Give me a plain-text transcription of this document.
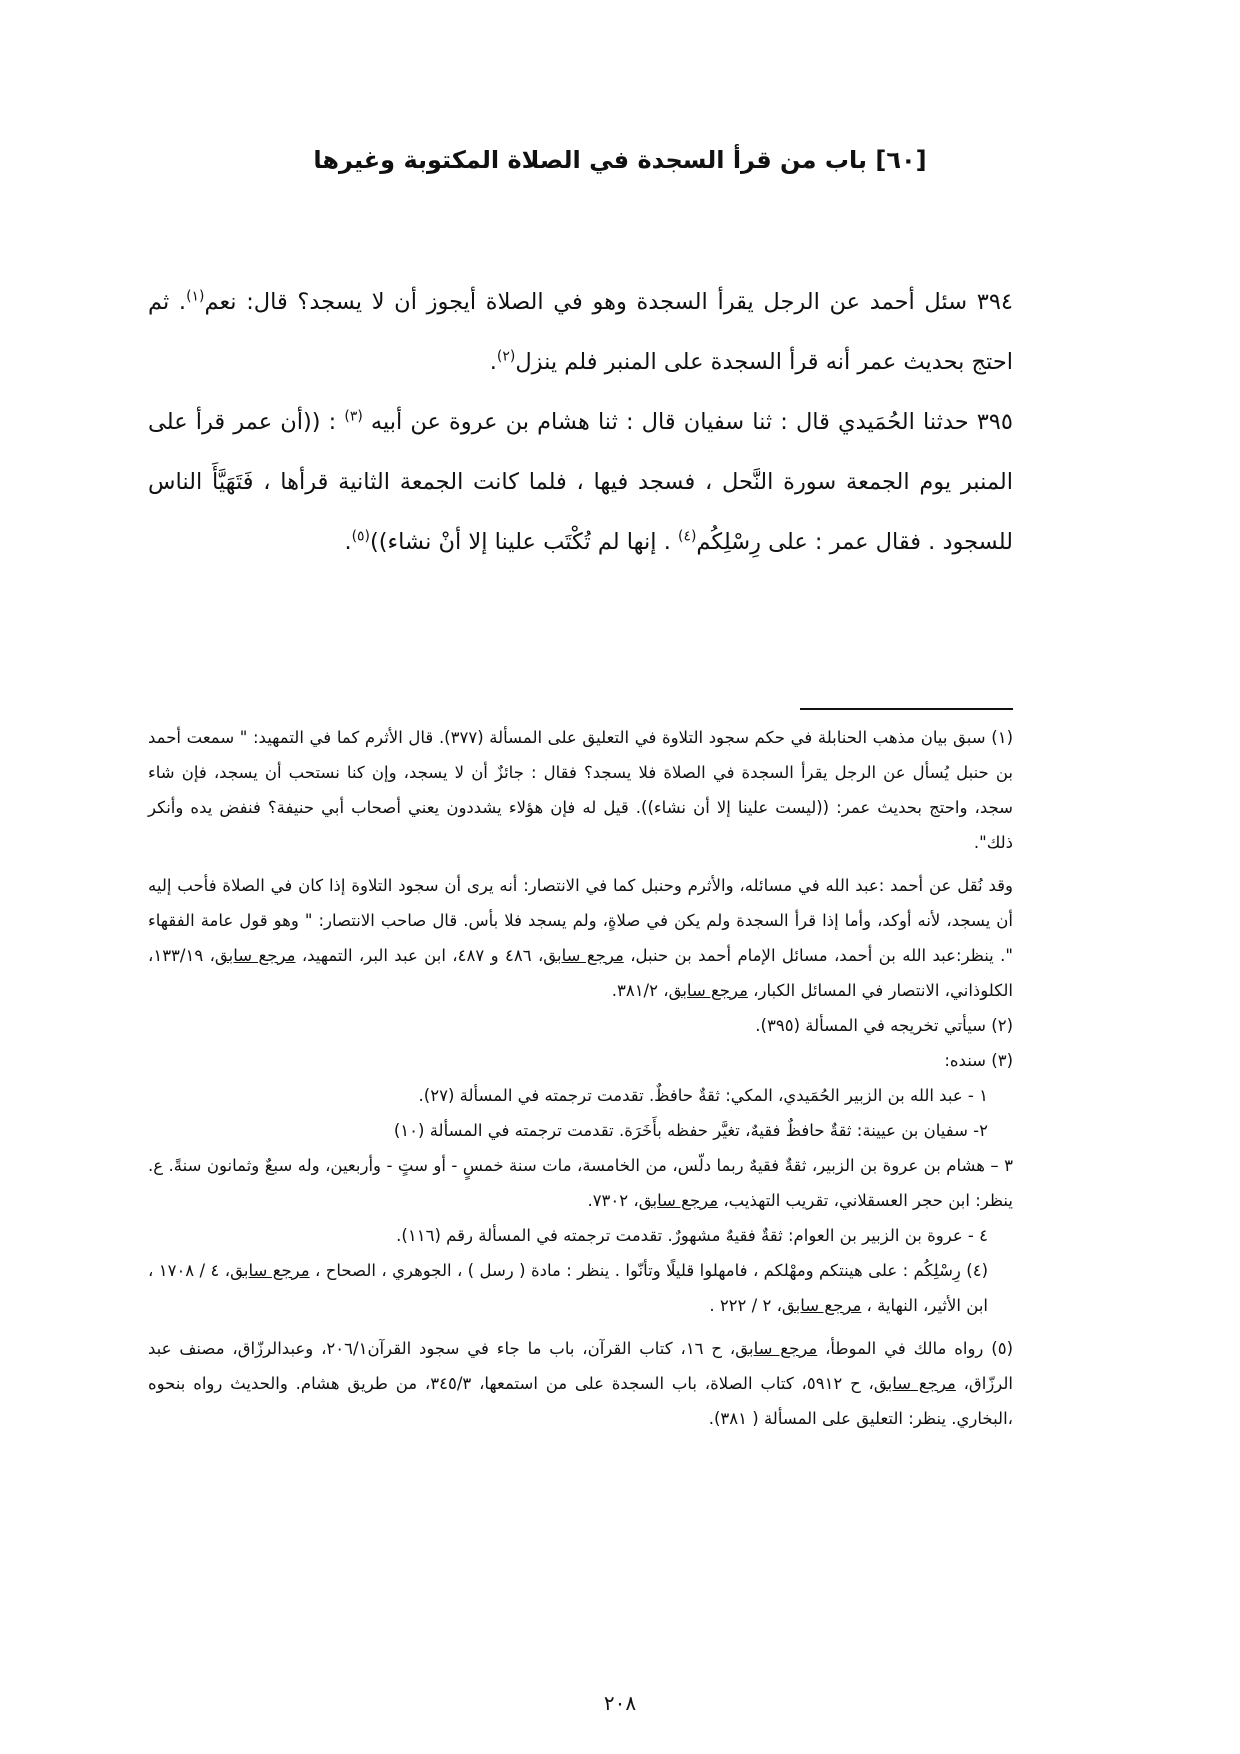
[٦٠] باب من قرأ السجدة في الصلاة المكتوبة وغيرها

٣٩٤ سئل أحمد عن الرجل يقرأ السجدة وهو في الصلاة أيجوز أن لا يسجد؟ قال: نعم$^{(١)}$. ثم احتج بحديث عمر أنه قرأ السجدة على المنبر فلم ينزل$^{(٢)}$.

٣٩٥ حدثنا الحُمَيدي قال : ثنا سفيان قال : ثنا هشام بن عروة عن أبيه $^{(٣)}$ : ((أن عمر قرأ على المنبر يوم الجمعة سورة النَّحل ، فسجد فيها ، فلما كانت الجمعة الثانية قرأها ، فَتَهَيَّأَ الناس للسجود . فقال عمر : على رِسْلِكُم$^{(٤)}$ . إنها لم تُكْتَب علينا إلا أنْ نشاء))$^{(٥)}$.

(١) سبق بيان مذهب الحنابلة في حكم سجود التلاوة في التعليق على المسألة (٣٧٧). قال الأثرم كما في التمهيد: " سمعت أحمد بن حنبل يُسأل عن الرجل يقرأ السجدة في الصلاة فلا يسجد؟ فقال : جائزٌ أن لا يسجد، وإن كنا نستحب أن يسجد، فإن شاء سجد، واحتج بحديث عمر: ((ليست علينا إلا أن نشاء)). قيل له فإن هؤلاء يشددون يعني أصحاب أبي حنيفة؟ فنفض يده وأنكر ذلك".

وقد نُقل عن أحمد :عبد الله في مسائله، والأثرم وحنبل كما في الانتصار: أنه يرى أن سجود التلاوة إذا كان في الصلاة فأحب إليه أن يسجد، لأنه أوكد، وأما إذا قرأ السجدة ولم يكن في صلاةٍ، ولم يسجد فلا بأس. قال صاحب الانتصار: " وهو قول عامة الفقهاء ". ينظر:عبد الله بن أحمد، مسائل الإمام أحمد بن حنبل، مرجع سابق، ٤٨٦ و ٤٨٧، ابن عبد البر، التمهيد، مرجع سابق، ١٣٣/١٩، الكلوذاني، الانتصار في المسائل الكبار، مرجع سابق، ٣٨١/٢.

(٢) سيأتي تخريجه في المسألة (٣٩٥).

(٣) سنده:

١ - عبد الله بن الزبير الحُمَيدي، المكي: ثقةٌ حافظٌ. تقدمت ترجمته في المسألة (٢٧).

٢- سفيان بن عيينة: ثقةٌ حافظٌ فقيهٌ، تغيَّر حفظه بأَخَرَة. تقدمت ترجمته في المسألة (١٠)

٣ – هشام بن عروة بن الزبير، ثقةٌ فقيهٌ ربما دلّس، من الخامسة، مات سنة خمسٍ - أو ستٍ - وأربعين، وله سبعٌ وثمانون سنةً. ع. ينظر: ابن حجر العسقلاني، تقريب التهذيب، مرجع سابق، ٧٣٠٢.

٤ - عروة بن الزبير بن العوام: ثقةٌ فقيهٌ مشهورٌ. تقدمت ترجمته في المسألة رقم (١١٦).

(٤) رِسْلِكُم : على هينتكم ومهْلكم ، فامهلوا قليلًا وتأنّوا . ينظر : مادة ( رسل ) ، الجوهري ، الصحاح ، مرجع سابق، ٤ / ١٧٠٨ ، ابن الأثير، النهاية ، مرجع سابق، ٢ / ٢٢٢ .

(٥) رواه مالك في الموطأ، مرجع سابق، ح ١٦، كتاب القرآن، باب ما جاء في سجود القرآن٢٠٦/١، وعبدالرزّاق، مصنف عبد الرزّاق، مرجع سابق، ح ٥٩١٢، كتاب الصلاة، باب السجدة على من استمعها، ٣٤٥/٣، من طريق هشام. والحديث رواه بنحوه ،البخاري. ينظر: التعليق على المسألة ( ٣٨١).

٢٠٨
